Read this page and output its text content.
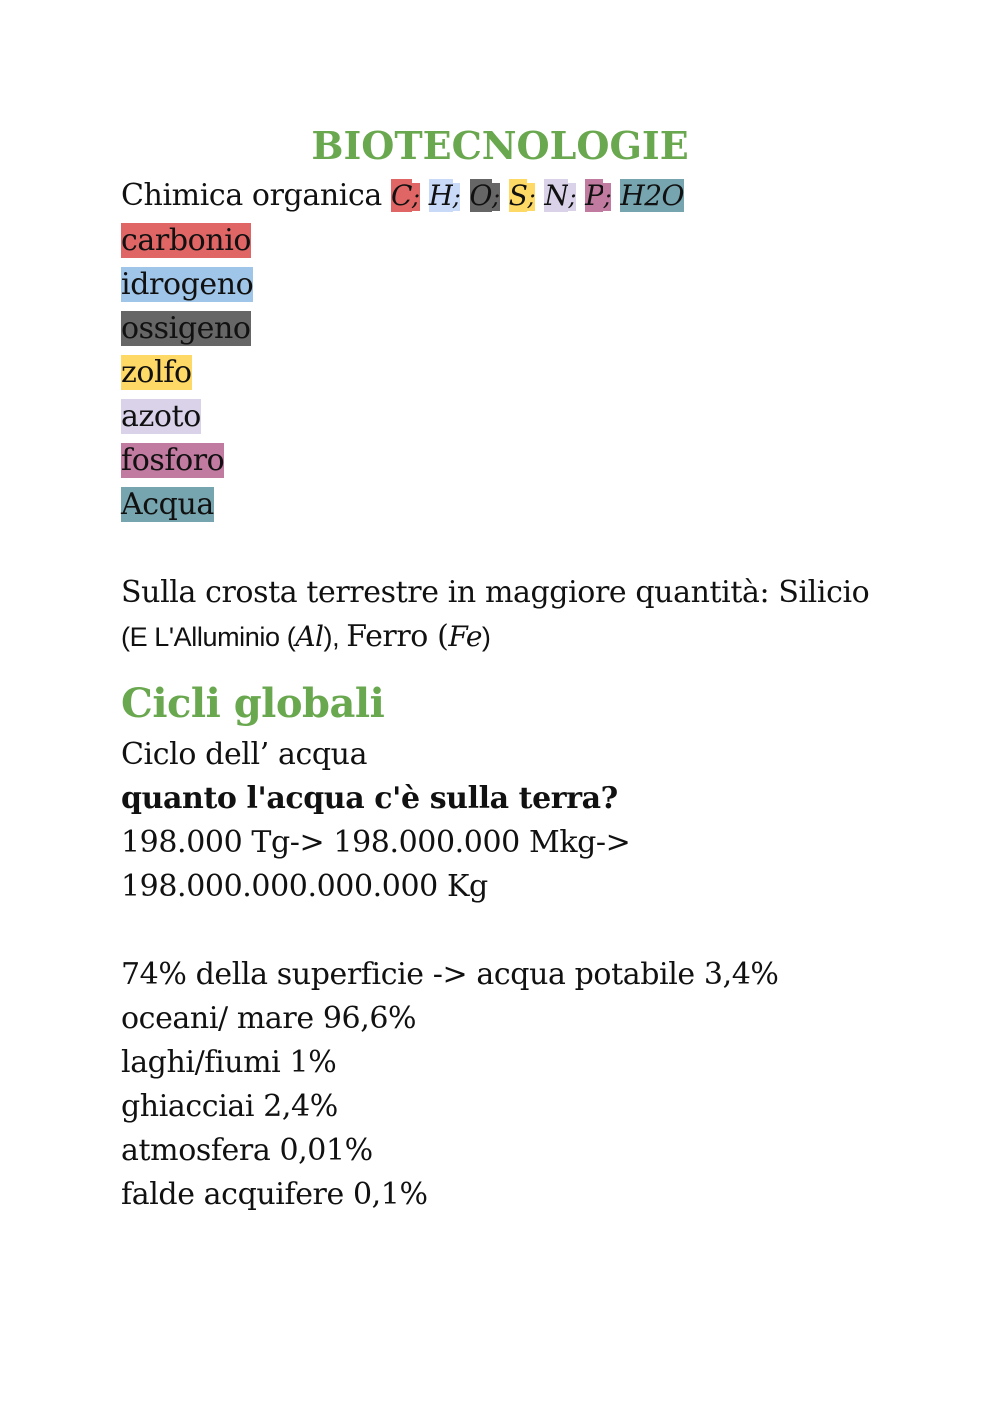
BIOTECNOLOGIE
Chimica organica C; H; O; S; N; P; H2O
carbonio
idrogeno
ossigeno
zolfo
azoto
fosforo
Acqua
Sulla crosta terrestre in maggiore quantità: Silicio
(E L'Alluminio (Al), Ferro (Fe)
Cicli globali
Ciclo dell’ acqua
quanto l'acqua c'è sulla terra?
198.000 Tg-> 198.000.000 Mkg->
198.000.000.000.000 Kg
74% della superficie -> acqua potabile 3,4%
oceani/ mare 96,6%
laghi/fiumi 1%
ghiacciai 2,4%
atmosfera 0,01%
falde acquifere 0,1%
